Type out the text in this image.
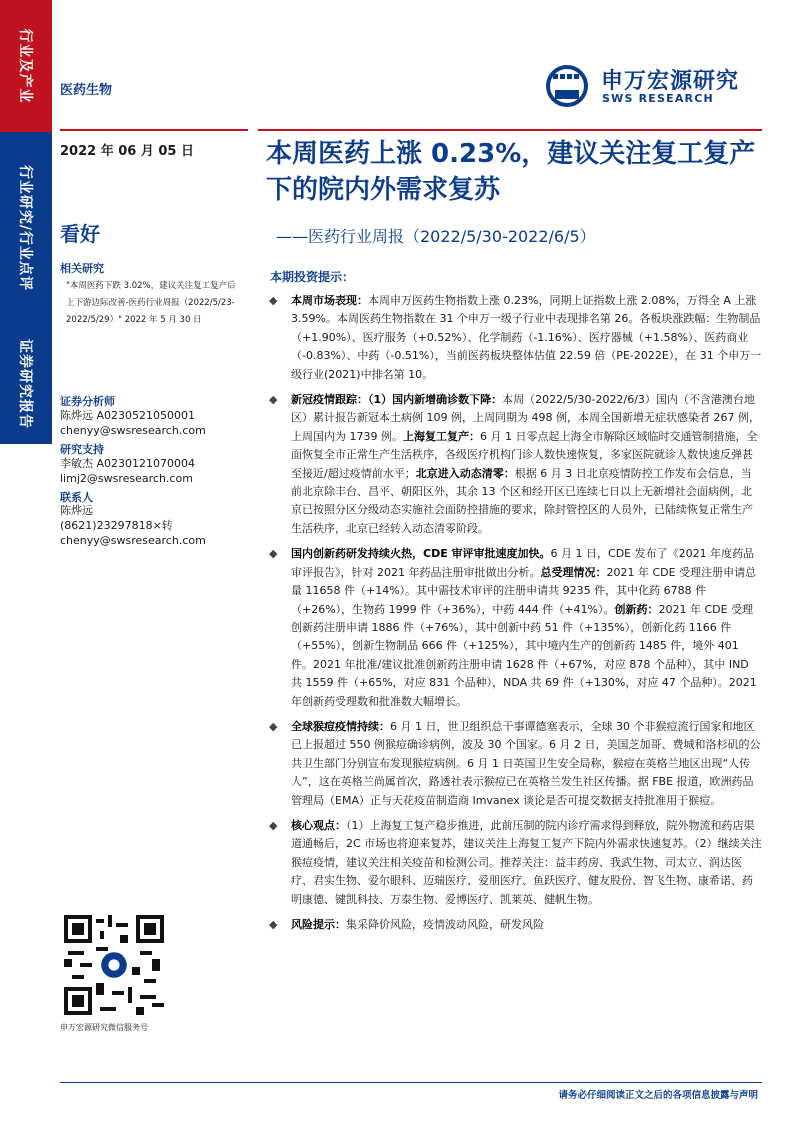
行业及产业
行业研究/行业点评
证券研究报告
医药生物	申万宏源研究
SWS RESEARCH
2022 年 06 月 05 日
看好
本周医药上涨 0.23%，建议关注复工复产下的院内外需求复苏
——医药行业周报（2022/5/30-2022/6/5）
相关研究
"本周医药下跌 3.02%，建议关注复工复产后上下游边际改善-医药行业周报（2022/5/23-2022/5/29）" 2022 年 5 月 30 日
证券分析师
陈烨远 A0230521050001
chenyy@swsresearch.com
研究支持
李敏杰 A0230121070004
limj2@swsresearch.com
联系人
陈烨远
(8621)23297818×转
chenyy@swsresearch.com
申万宏源研究微信服务号
本期投资提示：
◆ 本周市场表现：本周申万医药生物指数上涨 0.23%，同期上证指数上涨 2.08%，万得全 A 上涨 3.59%。本周医药生物指数在 31 个申万一级子行业中表现排名第 26。各板块涨跌幅：生物制品（+1.90%）、医疗服务（+0.52%）、化学制药（-1.16%）、医疗器械（+1.58%）、医药商业（-0.83%）、中药（-0.51%），当前医药板块整体估值 22.59 倍（PE-2022E），在 31 个申万一级行业(2021)中排名第 10。
◆ 新冠疫情跟踪：（1）国内新增确诊数下降：本周（2022/5/30-2022/6/3）国内（不含港澳台地区）累计报告新冠本土病例 109 例，上周同期为 498 例，本周全国新增无症状感染者 267 例，上周国内为 1739 例。上海复工复产：6 月 1 日零点起上海全市解除区域临时交通管制措施，全面恢复全市正常生产生活秩序，各级医疗机构门诊人数快速恢复，多家医院就诊人数快速反弹甚至接近/超过疫情前水平；北京进入动态清零：根据 6 月 3 日北京疫情防控工作发布会信息，当前北京除丰台、昌平、朝阳区外，其余 13 个区和经开区已连续七日以上无新增社会面病例，北京已按照分区分级动态实施社会面防控措施的要求，除封管控区的人员外，已陆续恢复正常生产生活秩序，北京已经转入动态清零阶段。
◆ 国内创新药研发持续火热，CDE 审评审批速度加快。6 月 1 日，CDE 发布了《2021 年度药品审评报告》，针对 2021 年药品注册审批做出分析。总受理情况：2021 年 CDE 受理注册申请总量 11658 件（+14%）。其中需技术审评的注册申请共 9235 件，其中化药 6788 件（+26%），生物药 1999 件（+36%），中药 444 件（+41%）。创新药：2021 年 CDE 受理创新药注册申请 1886 件（+76%），其中创新中药 51 件（+135%），创新化药 1166 件（+55%），创新生物制品 666 件（+125%），其中境内生产的创新药 1485 件，境外 401 件。2021 年批准/建议批准创新药注册申请 1628 件（+67%，对应 878 个品种），其中 IND 共 1559 件（+65%，对应 831 个品种），NDA 共 69 件（+130%，对应 47 个品种）。2021 年创新药受理数和批准数大幅增长。
◆ 全球猴痘疫情持续：6 月 1 日，世卫组织总干事谭德塞表示，全球 30 个非猴痘流行国家和地区已上报超过 550 例猴痘确诊病例，波及 30 个国家。6 月 2 日，美国芝加哥、费城和洛杉矶的公共卫生部门分别宣布发现猴痘病例。6 月 1 日英国卫生安全局称，猴痘在英格兰地区出现“人传人”，这在英格兰尚属首次，路透社表示猴痘已在英格兰发生社区传播。据 FBE 报道，欧洲药品管理局（EMA）正与天花疫苗制造商 Imvanex 谈论是否可提交数据支持批准用于猴痘。
◆ 核心观点：（1）上海复工复产稳步推进，此前压制的院内诊疗需求得到释放，院外物流和药店渠道通畅后，2C 市场也将迎来复苏，建议关注上海复工复产下院内外需求快速复苏。（2）继续关注猴痘疫情，建议关注相关疫苗和检测公司。推荐关注：益丰药房、我武生物、司太立、润达医疗、君实生物、爱尔眼科、迈瑞医疗、爱朋医疗、鱼跃医疗、健友股份、智飞生物、康希诺、药明康德、键凯科技、万泰生物、爱博医疗、凯莱英、健帆生物。
◆ 风险提示：集采降价风险，疫情波动风险，研发风险
请务必仔细阅读正文之后的各项信息披露与声明
